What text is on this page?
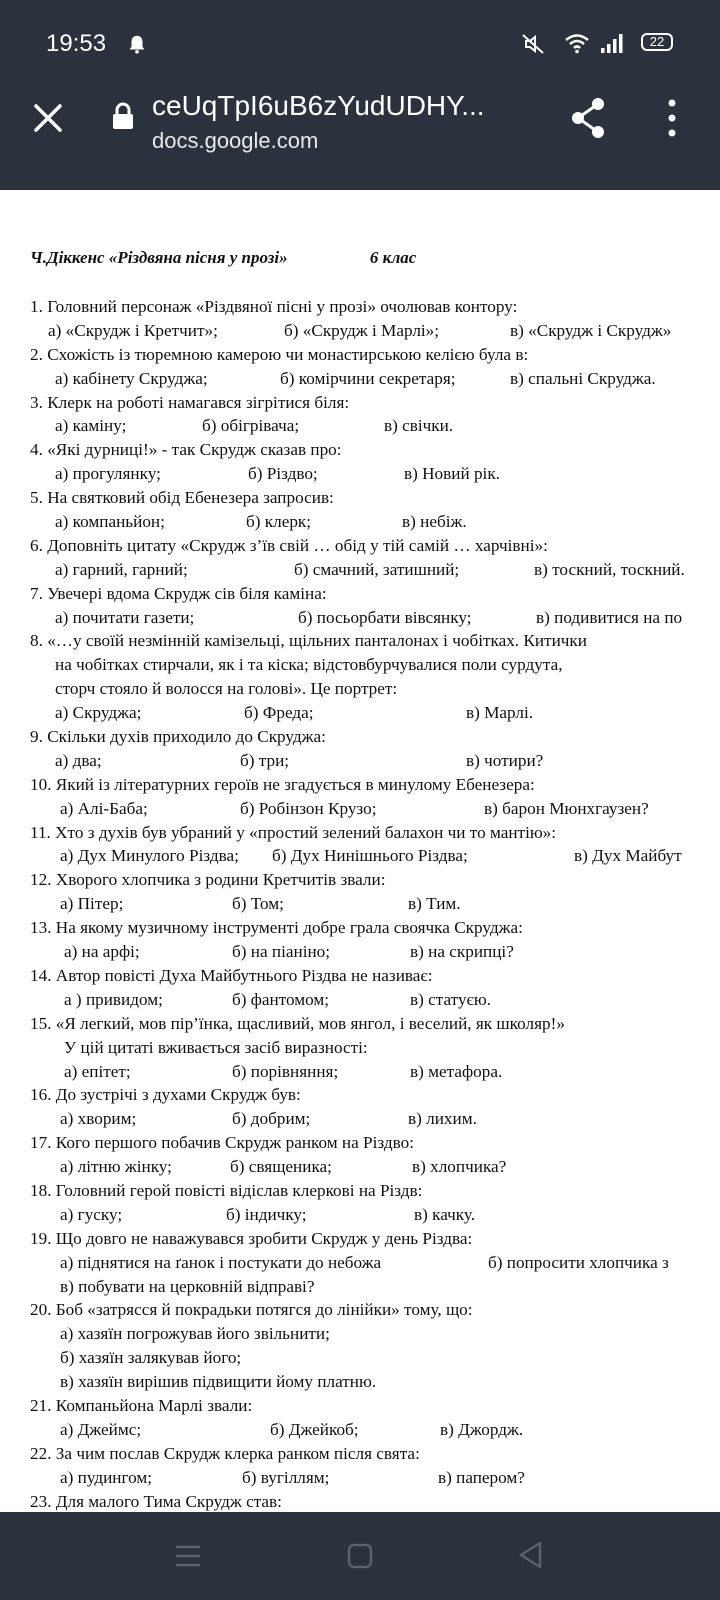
19:53	22
ceUqTpI6uB6zYudUDHY...
docs.google.com
Ч.Діккенс «Різдвяна пісня у прозі»	6 клас
1. Головний персонаж «Різдвяної пісні у прозі» очолював контору:
а) «Скрудж і Кретчит»;	б) «Скрудж і Марлі»;	в) «Скрудж і Скрудж»
2. Схожість із тюремною камерою чи монастирською келією була в:
а) кабінету Скруджа;	б) комірчини секретаря;	в) спальні Скруджа.
3. Клерк на роботі намагався зігрітися біля:
а) каміну;	б) обігрівача;	в) свічки.
4. «Які дурниці!» - так Скрудж сказав про:
а) прогулянку;	б) Різдво;	в) Новий рік.
5. На святковий обід Ебенезера запросив:
а) компаньйон;	б) клерк;	в) небіж.
6. Доповніть цитату «Скрудж з’їв свій … обід у тій самій … харчівні»:
а) гарний, гарний;	б) смачний, затишний;	в) тоскний, тоскний.
7. Увечері вдома Скрудж сів біля каміна:
а) почитати газети;	б) посьорбати вівсянку;	в) подивитися на по
8. «…у своїй незмінній камізельці, щільних панталонах і чобітках. Китички
на чобітках стирчали, як і та кіска; відстовбурчувалися поли сурдута,
сторч стояло й волосся на голові». Це портрет:
а) Скруджа;	б) Фреда;	в) Марлі.
9. Скільки духів приходило до Скруджа:
а) два;	б) три;	в) чотири?
10. Який із літературних героїв не згадується в минулому Ебенезера:
а) Алі-Баба;	б) Робінзон Крузо;	в) барон Мюнхгаузен?
11. Хто з духів був убраний у «простий зелений балахон чи то мантію»:
а) Дух Минулого Різдва; б) Дух Нинішнього Різдва;	в) Дух Майбут
12. Хворого хлопчика з родини Кретчитів звали:
а) Пітер;	б) Том;	в) Тим.
13. На якому музичному інструменті добре грала своячка Скруджа:
а) на арфі;	б) на піаніно;	в) на скрипці?
14. Автор повісті Духа Майбутнього Різдва не називає:
а ) привидом;	б) фантомом;	в) статуєю.
15. «Я легкий, мов пір’їнка, щасливий, мов янгол, і веселий, як школяр!»
У цій цитаті вживається засіб виразності:
а) епітет;	б) порівняння;	в) метафора.
16. До зустрічі з духами Скрудж був:
а) хворим;	б) добрим;	в) лихим.
17. Кого першого побачив Скрудж ранком на Різдво:
а) літню жінку;	б) священика;	в) хлопчика?
18. Головний герой повісті відіслав клеркові на Різдв:
а) гуску;	б) індичку;	в) качку.
19. Що довго не наважувався зробити Скрудж у день Різдва:
а) піднятися на ґанок і постукати до небожа	б) попросити хлопчика з
в) побувати на церковній відправі?
20. Боб «затрясся й покрадьки потягся до лінійки» тому, що:
а) хазяїн погрожував його звільнити;
б) хазяїн залякував його;
в) хазяїн вирішив підвищити йому платню.
21. Компаньйона Марлі звали:
а) Джеймс;	б) Джейкоб;	в) Джордж.
22. За чим послав Скрудж клерка ранком після свята:
а) пудингом;	б) вугіллям;	в) папером?
23. Для малого Тима Скрудж став:
